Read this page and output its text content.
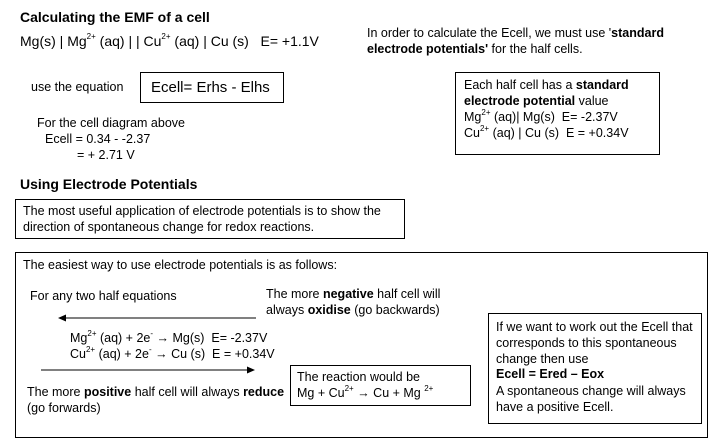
Calculating the EMF of a cell
Mg(s) | $Mg^{2+}$ (aq) | | $Cu^{2+}$ (aq) | Cu (s)   E= +1.1V	In order to calculate the Ecell, we must use 'standard electrode potentials' for the half cells.
use the equation Ecell= Erhs - Elhs
For the cell diagram above
Ecell = 0.34 - -2.37
= + 2.71 V
Each half cell has a standard electrode potential value
$Mg^{2+}$ (aq)| Mg(s)  E= -2.37V
$Cu^{2+}$ (aq) | Cu (s)  E = +0.34V
Using Electrode Potentials
The most useful application of electrode potentials is to show the direction of spontaneous change for redox reactions.
The easiest way to use electrode potentials is as follows:
For any two half equations	The more negative half cell will always oxidise (go backwards)
$Mg^{2+}$ (aq) + 2e- → Mg(s)  E= -2.37V
$Cu^{2+}$ (aq) + 2e- → Cu (s)  E = +0.34V
The more positive half cell will always reduce (go forwards)
The reaction would be
$Mg + Cu^{2+} \to Cu + Mg$ $^{2+}$
If we want to work out the Ecell that corresponds to this spontaneous change then use
Ecell = Ered – Eox
A spontaneous change will always have a positive Ecell.
